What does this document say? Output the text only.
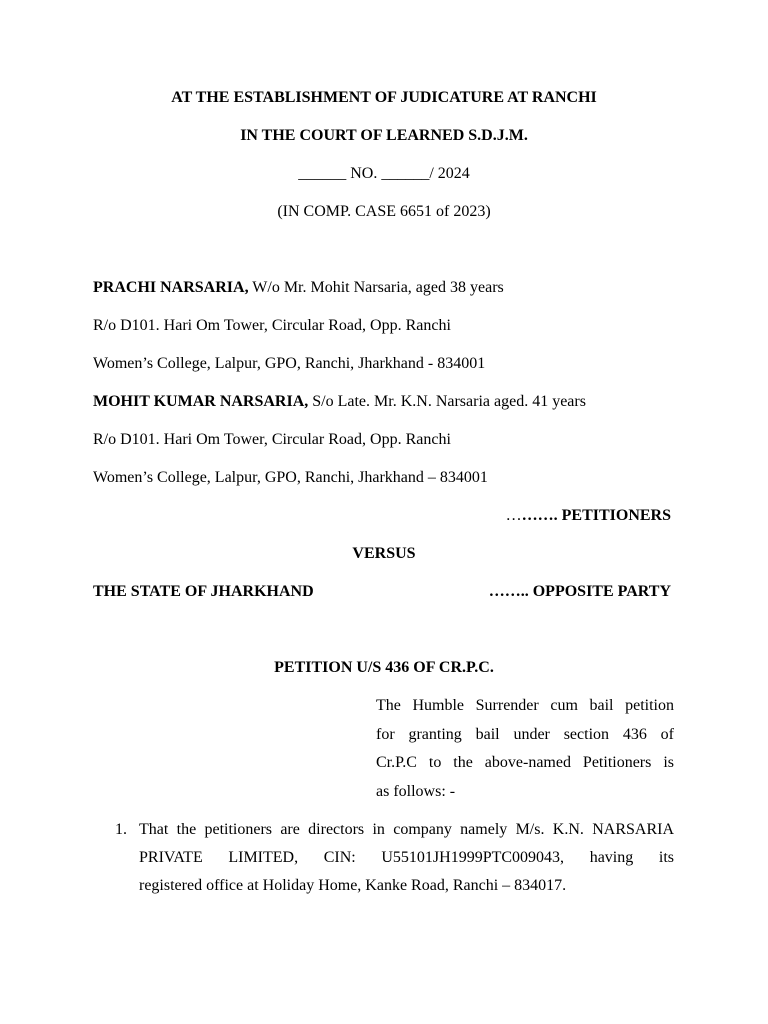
AT THE ESTABLISHMENT OF JUDICATURE AT RANCHI
IN THE COURT OF LEARNED S.D.J.M.
______ NO. ______/ 2024
(IN COMP. CASE 6651 of 2023)
PRACHI NARSARIA, W/o Mr. Mohit Narsaria, aged 38 years
R/o D101. Hari Om Tower, Circular Road, Opp. Ranchi
Women’s College, Lalpur, GPO, Ranchi, Jharkhand - 834001
MOHIT KUMAR NARSARIA, S/o Late. Mr. K.N. Narsaria aged. 41 years
R/o D101. Hari Om Tower, Circular Road, Opp. Ranchi
Women’s College, Lalpur, GPO, Ranchi, Jharkhand – 834001
………. PETITIONERS
VERSUS
THE STATE OF JHARKHAND	…….. OPPOSITE PARTY
PETITION U/S 436 OF CR.P.C.
The Humble Surrender cum bail petition
for granting bail under section 436 of
Cr.P.C to the above-named Petitioners is
as follows: -
1. That the petitioners are directors in company namely M/s. K.N. NARSARIA
PRIVATE LIMITED, CIN: U55101JH1999PTC009043, having its
registered office at Holiday Home, Kanke Road, Ranchi – 834017.
